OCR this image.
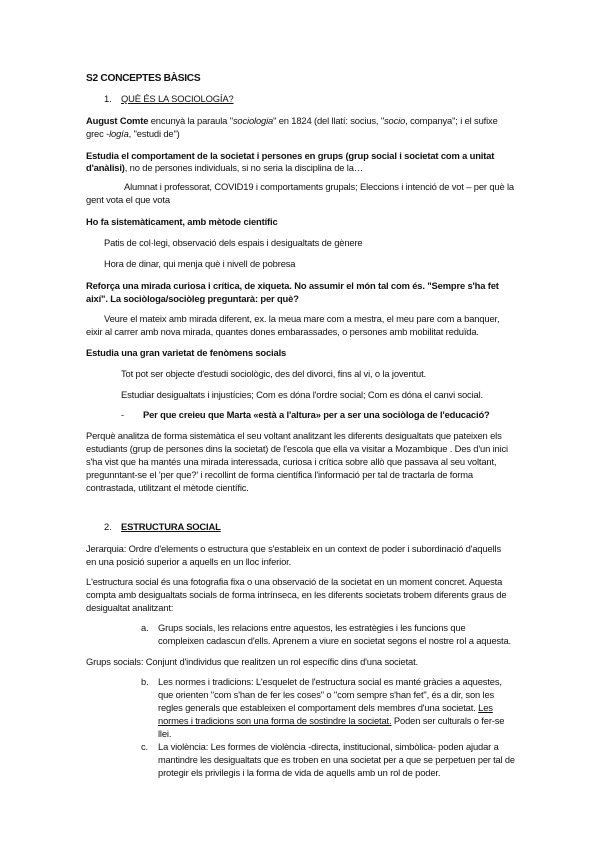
S2 CONCEPTES BÀSICS
1. QUÈ ÉS LA SOCIOLOGÍA?
August Comte encunyà la paraula "sociologia" en 1824 (del llatí: socius, "socio, companya"; i el sufixe
grec -logía, "estudi de")
Estudia el comportament de la societat i persones en grups (grup social i societat com a unitat
d'anàlisi), no de persones individuals, si no seria la disciplina de la…
Alumnat i professorat, COVID19 i comportaments grupals; Eleccions i intenció de vot – per què la
gent vota el que vota
Ho fa sistemàticament, amb mètode científic
Patis de col·legi, observació dels espais i desigualtats de gènere
Hora de dinar, qui menja què i nivell de pobresa
Reforça una mirada curiosa i crítica, de xiqueta. No assumir el món tal com és. "Sempre s'ha fet
així". La sociòloga/sociòleg preguntarà: per què?
Veure el mateix amb mirada diferent, ex. la meua mare com a mestra, el meu pare com a banquer,
eixir al carrer amb nova mirada, quantes dones embarassades, o persones amb mobilitat reduïda.
Estudia una gran varietat de fenòmens socials
Tot pot ser objecte d'estudi sociològic, des del divorci, fins al vi, o la joventut.
Estudiar desigualtats i injustícies; Com es dóna l'ordre social; Com es dóna el canvi social.
- Per que creieu que Marta «està a l'altura» per a ser una sociòloga de l'educació?
Perquè analitza de forma sistemàtica el seu voltant analitzant les diferents desigualtats que pateixen els
estudiants (grup de persones dins la societat) de l'escola que ella va visitar a Mozambique . Des d'un inici
s'ha vist que ha mantés una mirada interessada, curiosa i crítica sobre allò que passava al seu voltant,
pregunntant-se el 'per que?' i recollint de forma científica l'informació per tal de tractarla de forma
contrastada, utilitzant el mètode científic.
2. ESTRUCTURA SOCIAL
Jerarquia: Ordre d'elements o estructura que s'estableix en un context de poder i subordinació d'aquells
en una posició superior a aquells en un lloc inferior.
L'estructura social és una fotografia fixa o una observació de la societat en un moment concret. Aquesta
compta amb desigualtats socials de forma intrínseca, en les diferents societats trobem diferents graus de
desigualtat analitzant:
a. Grups socials, les relacions entre aquestos, les estratègies i les funcions que
compleixen cadascun d'ells. Aprenem a viure en societat segons el nostre rol a aquesta.
Grups socials: Conjunt d'individus que realitzen un rol específic dins d'una societat.
b. Les normes i tradicions: L'esquelet de l'estructura social es manté gràcies a aquestes,
que orienten "com s'han de fer les coses" o "com sempre s'han fet", és a dir, son les
regles generals que estableixen el comportament dels membres d'una societat. Les
normes i tradicions son una forma de sostindre la societat. Poden ser culturals o fer-se
llei.
c. La violència: Les formes de violència -directa, institucional, simbòlica- poden ajudar a
mantindre les desigualtats que es troben en una societat per a que se perpetuen per tal de
protegir els privilegis i la forma de vida de aquells amb un rol de poder.
